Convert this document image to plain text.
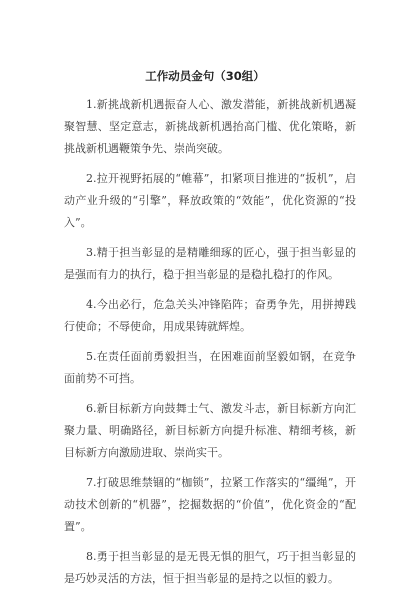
工作动员金句（30组）

1.新挑战新机遇振奋人心、激发潜能，新挑战新机遇凝聚智慧、坚定意志，新挑战新机遇抬高门槛、优化策略，新挑战新机遇鞭策争先、崇尚突破。

2.拉开视野拓展的“帷幕”，扣紧项目推进的“扳机”，启动产业升级的“引擎”，释放政策的“效能”，优化资源的“投入”。

3.精于担当彰显的是精雕细琢的匠心，强于担当彰显的是强而有力的执行，稳于担当彰显的是稳扎稳打的作风。

4.今出必行，危急关头冲锋陷阵；奋勇争先，用拼搏践行使命；不辱使命，用成果铸就辉煌。

5.在责任面前勇毅担当，在困难面前坚毅如钢，在竞争面前势不可挡。

6.新目标新方向鼓舞士气、激发斗志，新目标新方向汇聚力量、明确路径，新目标新方向提升标准、精细考核，新目标新方向激励进取、崇尚实干。

7.打破思维禁锢的“枷锁”，拉紧工作落实的“缰绳”，开动技术创新的“机器”，挖掘数据的“价值”，优化资金的“配置”。

8.勇于担当彰显的是无畏无惧的胆气，巧于担当彰显的是巧妙灵活的方法，恒于担当彰显的是持之以恒的毅力。
